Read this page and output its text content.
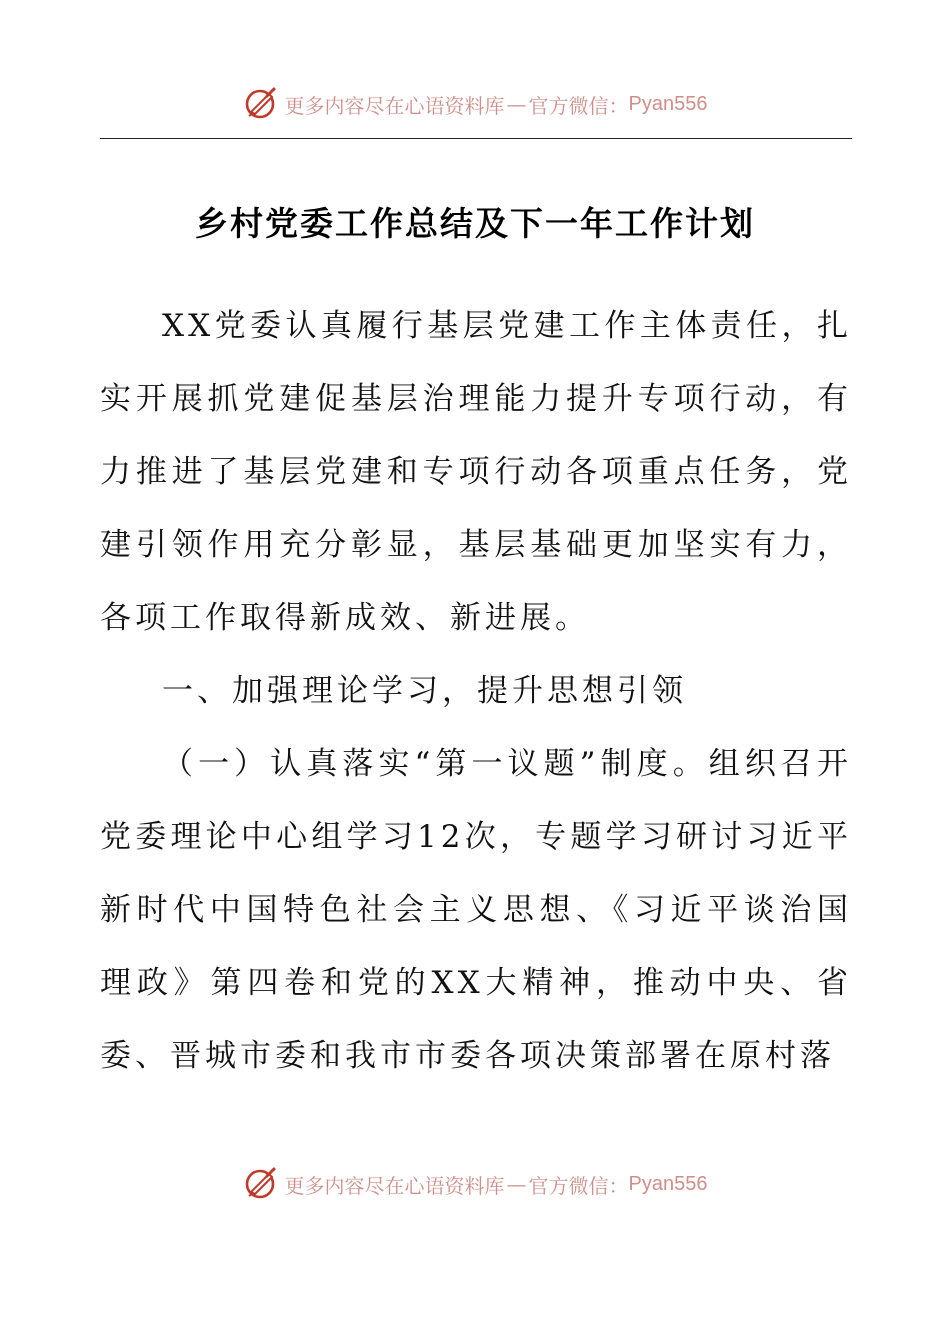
更多内容尽在心语资料库 — 官方微信： Pyan556
乡村党委工作总结及下一年工作计划

XX党委认真履行基层党建工作主体责任，扎实开展抓党建促基层治理能力提升专项行动，有力推进了基层党建和专项行动各项重点任务，党建引领作用充分彰显，基层基础更加坚实有力，各项工作取得新成效、新进展。

一、加强理论学习，提升思想引领

（一）认真落实“第一议题”制度。组织召开党委理论中心组学习12次，专题学习研讨习近平新时代中国特色社会主义思想、《习近平谈治国理政》第四卷和党的XX大精神，推动中央、省委、晋城市委和我市市委各项决策部署在原村落

更多内容尽在心语资料库 — 官方微信： Pyan556
